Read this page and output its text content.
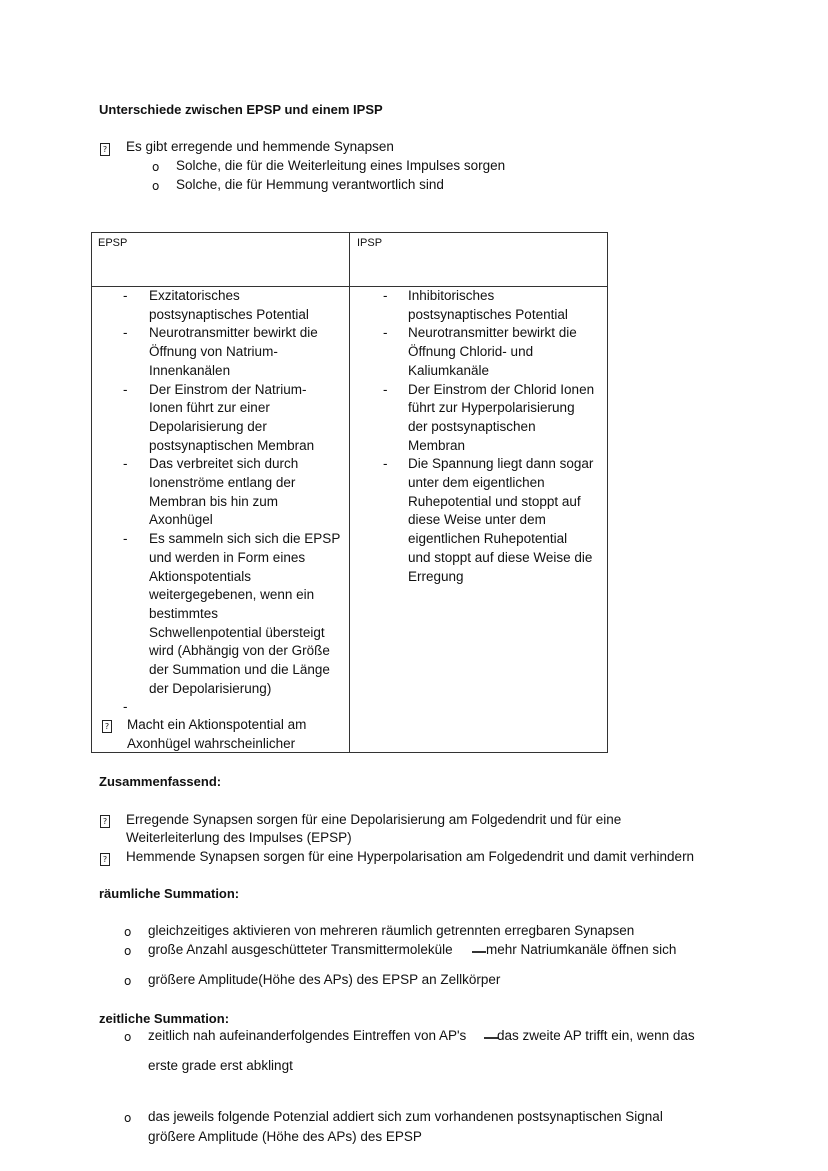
Unterschiede zwischen EPSP und einem IPSP
?
Es gibt erregende und hemmende Synapsen
o Solche, die für die Weiterleitung eines Impulses sorgen
o Solche, die für Hemmung verantwortlich sind
EPSP	IPSP
- Exzitatorisches
postsynaptisches Potential
- Neurotransmitter bewirkt die
Öffnung von Natrium-
Innenkanälen
- Der Einstrom der Natrium-
Ionen führt zur einer
Depolarisierung der
postsynaptischen Membran
- Das verbreitet sich durch
Ionenströme entlang der
Membran bis hin zum
Axonhügel
- Es sammeln sich sich die EPSP
und werden in Form eines
Aktionspotentials
weitergegebenen, wenn ein
bestimmtes
Schwellenpotential übersteigt
wird (Abhängig von der Größe
der Summation und die Länge
der Depolarisierung)
-
- Inhibitorisches
postsynaptisches Potential
- Neurotransmitter bewirkt die
Öffnung Chlorid- und
Kaliumkanäle
- Der Einstrom der Chlorid Ionen
führt zur Hyperpolarisierung
der postsynaptischen
Membran
- Die Spannung liegt dann sogar
unter dem eigentlichen
Ruhepotential und stoppt auf
diese Weise unter dem
eigentlichen Ruhepotential
und stoppt auf diese Weise die
Erregung
?
Macht ein Aktionspotential am
Axonhügel wahrscheinlicher
Zusammenfassend:
?
Erregende Synapsen sorgen für eine Depolarisierung am Folgedendrit und für eine
Weiterleiterlung des Impulses (EPSP)
?
Hemmende Synapsen sorgen für eine Hyperpolarisation am Folgedendrit und damit verhindern
räumliche Summation:
o gleichzeitiges aktivieren von mehreren räumlich getrennten erregbaren Synapsen
o große Anzahl ausgeschütteter Transmittermoleküle mehr Natriumkanäle öffnen sich
o größere Amplitude(Höhe des APs) des EPSP an Zellkörper
zeitliche Summation:
o zeitlich nah aufeinanderfolgendes Eintreffen von AP's das zweite AP trifft ein, wenn das
erste grade erst abklingt
o das jeweils folgende Potenzial addiert sich zum vorhandenen postsynaptischen Signal
größere Amplitude (Höhe des APs) des EPSP
